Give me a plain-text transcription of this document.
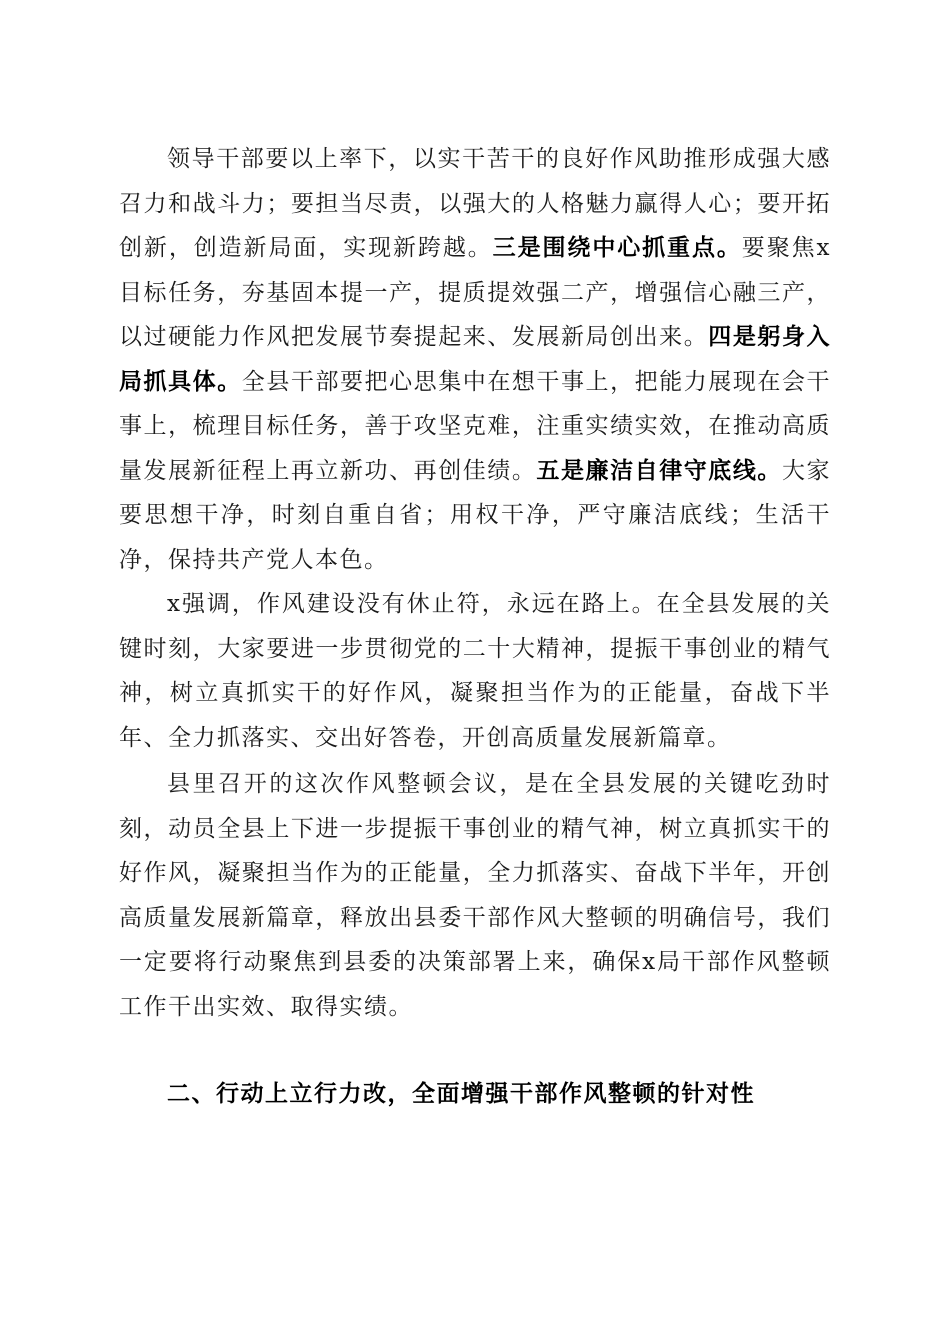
领导干部要以上率下，以实干苦干的良好作风助推形成强大感召力和战斗力；要担当尽责，以强大的人格魅力赢得人心；要开拓创新，创造新局面，实现新跨越。三是围绕中心抓重点。要聚焦x目标任务，夯基固本提一产，提质提效强二产，增强信心融三产，以过硬能力作风把发展节奏提起来、发展新局创出来。四是躬身入局抓具体。全县干部要把心思集中在想干事上，把能力展现在会干事上，梳理目标任务，善于攻坚克难，注重实绩实效，在推动高质量发展新征程上再立新功、再创佳绩。五是廉洁自律守底线。大家要思想干净，时刻自重自省；用权干净，严守廉洁底线；生活干净，保持共产党人本色。

x强调，作风建设没有休止符，永远在路上。在全县发展的关键时刻，大家要进一步贯彻党的二十大精神，提振干事创业的精气神，树立真抓实干的好作风，凝聚担当作为的正能量，奋战下半年、全力抓落实、交出好答卷，开创高质量发展新篇章。

县里召开的这次作风整顿会议，是在全县发展的关键吃劲时刻，动员全县上下进一步提振干事创业的精气神，树立真抓实干的好作风，凝聚担当作为的正能量，全力抓落实、奋战下半年，开创高质量发展新篇章，释放出县委干部作风大整顿的明确信号，我们一定要将行动聚焦到县委的决策部署上来，确保x局干部作风整顿工作干出实效、取得实绩。

二、行动上立行力改，全面增强干部作风整顿的针对性
